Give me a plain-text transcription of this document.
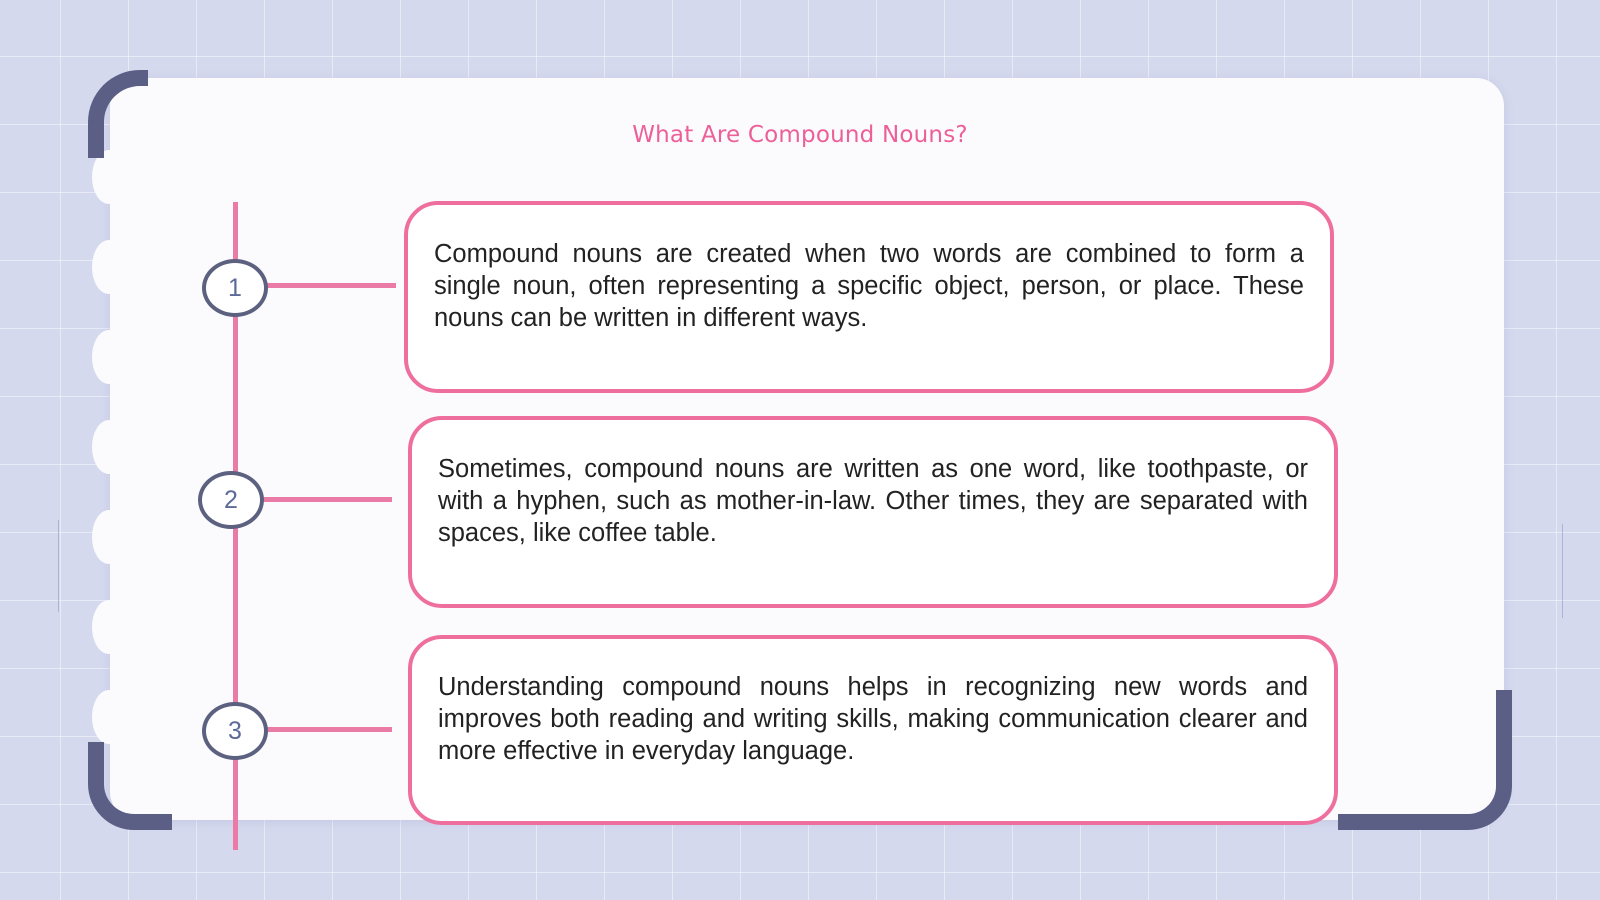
What Are Compound Nouns?
1
2
3

Compound nouns are created when two words are combined to form a single noun, often representing a specific object, person, or place. These nouns can be written in different ways.

Sometimes, compound nouns are written as one word, like toothpaste, or with a hyphen, such as mother-in-law. Other times, they are separated with spaces, like coffee table.

Understanding compound nouns helps in recognizing new words and improves both reading and writing skills, making communication clearer and more effective in everyday language.
